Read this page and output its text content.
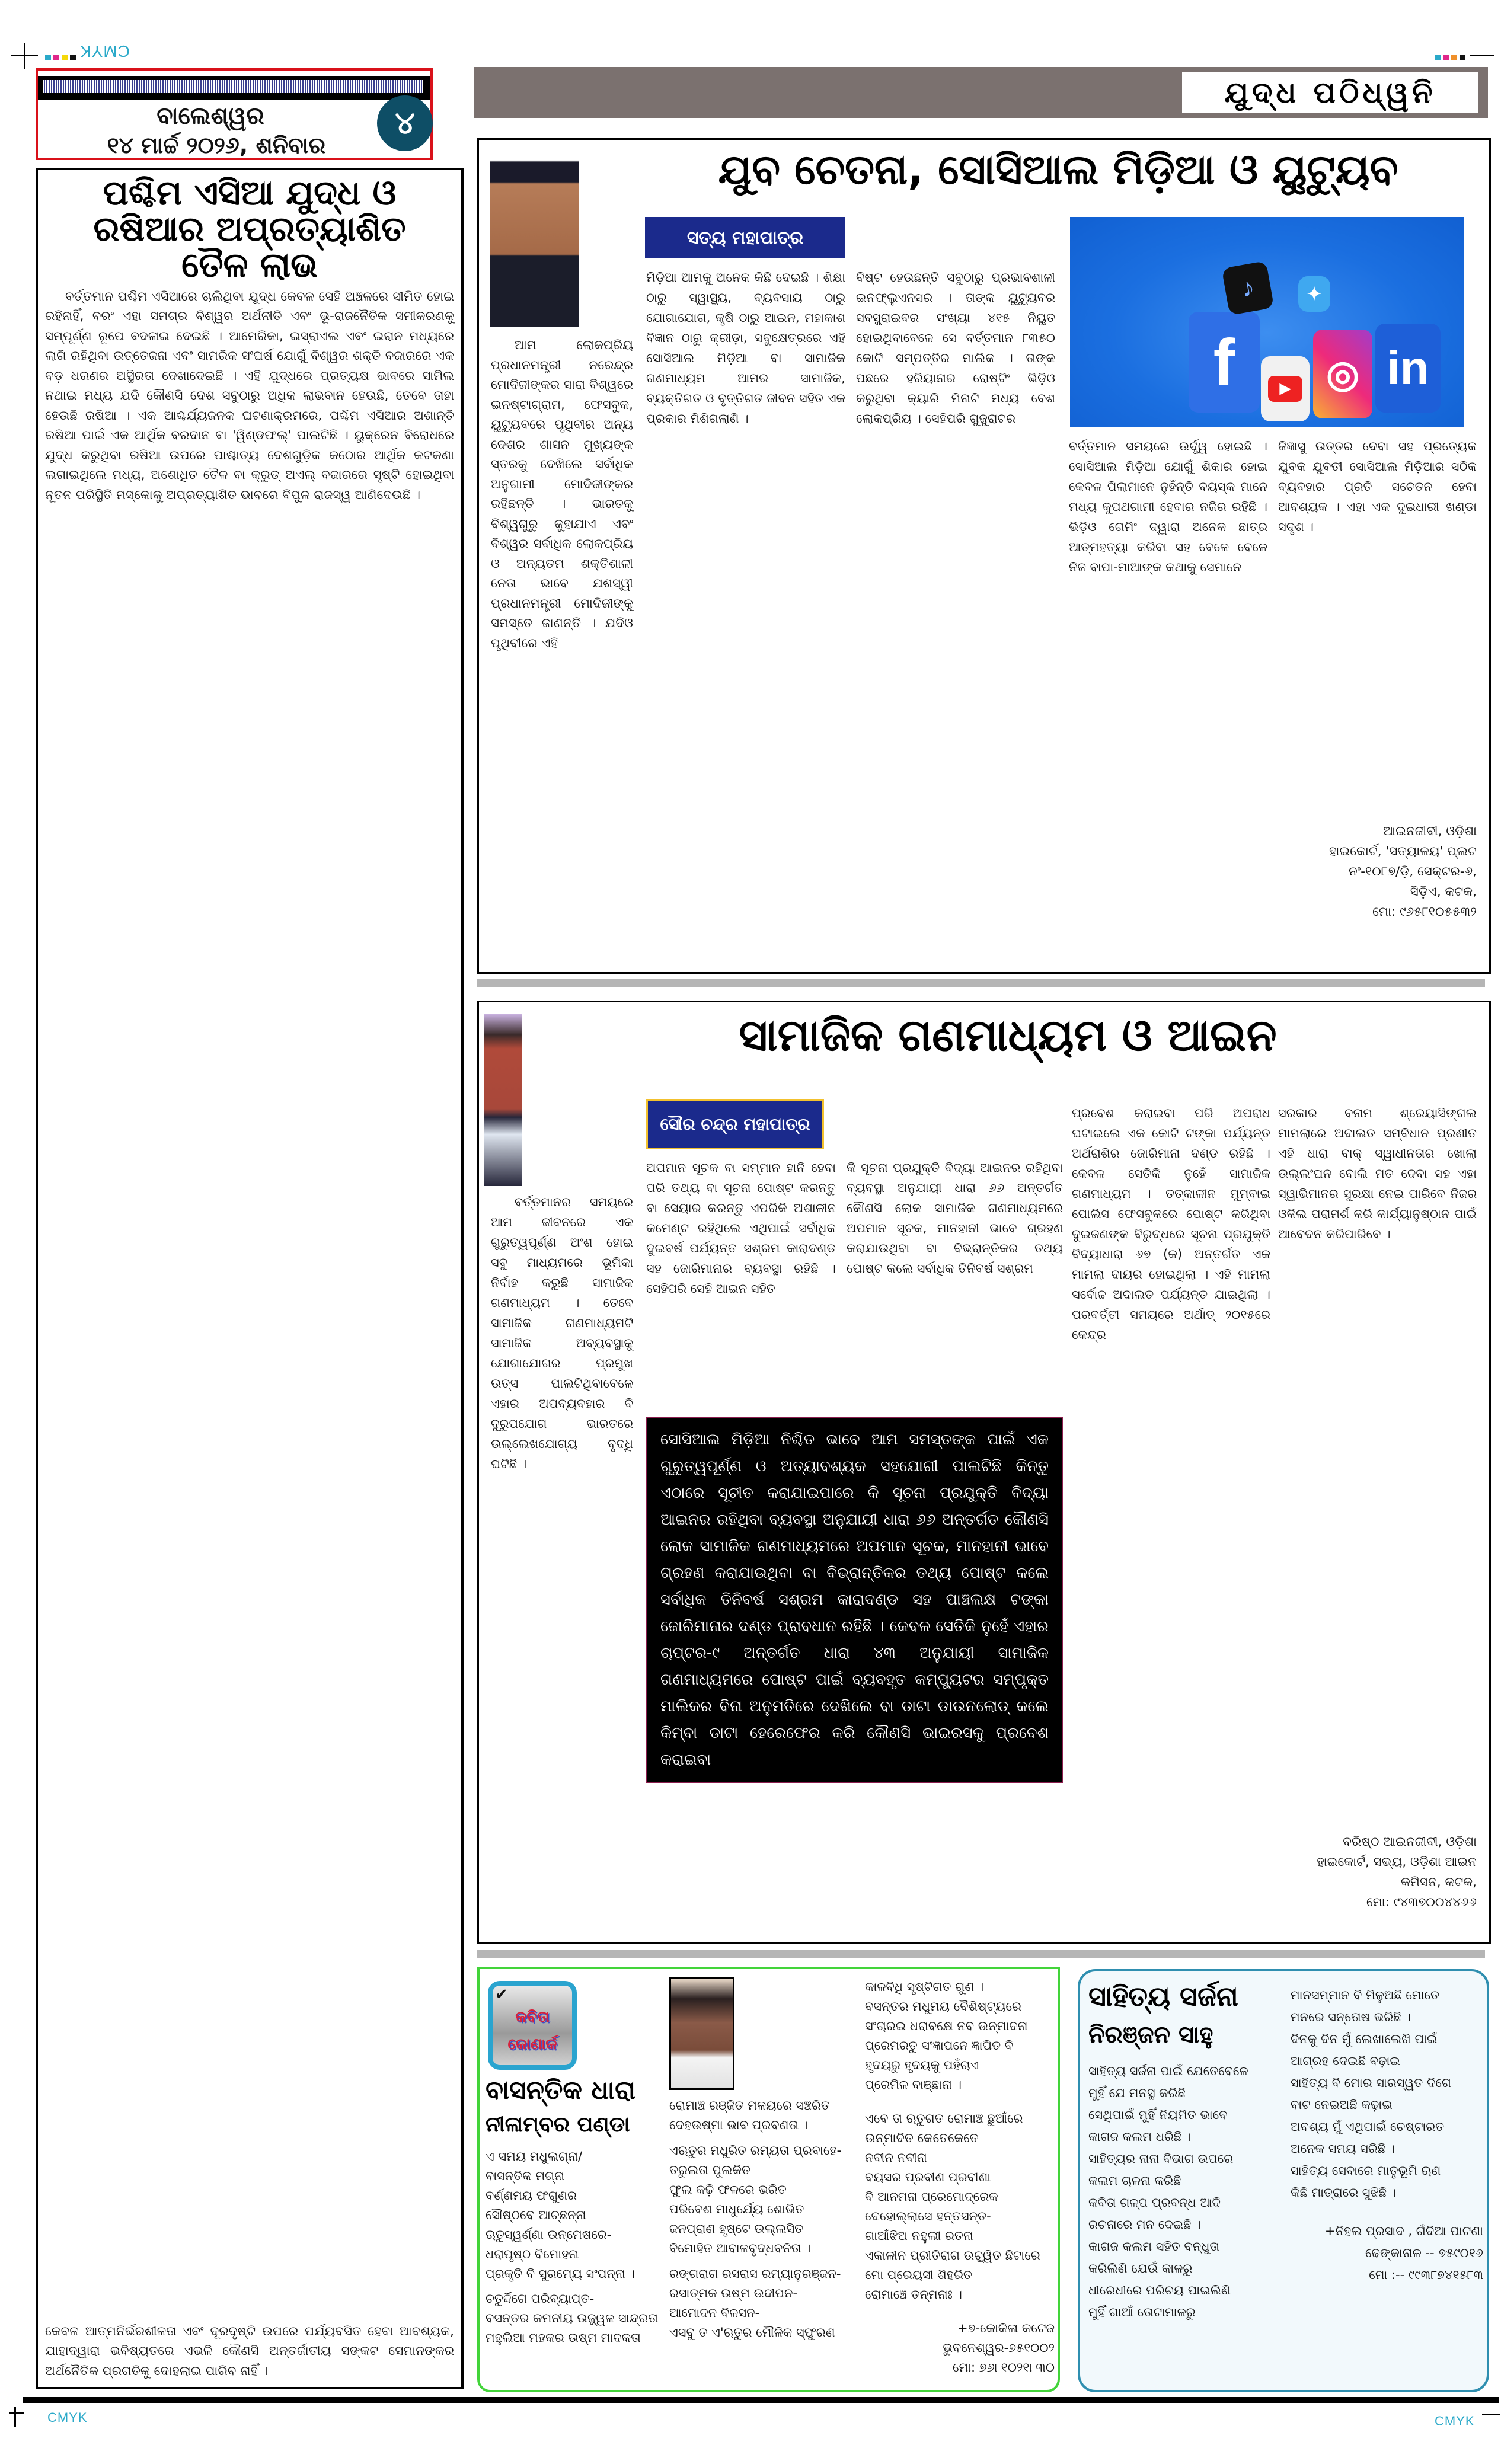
CMYK
CMYK	CMYK
ବାଲେଶ୍ୱର
୧୪ ମାର୍ଚ୍ଚ ୨୦୨୬, ଶନିବାର
୪
ଯୁଦ୍ଧ ପଠିଧ୍ୱନି
ପଶ୍ଚିମ ଏସିଆ ଯୁଦ୍ଧ ଓ ରଷିଆର ଅପ୍ରତ୍ୟାଶିତ ତୈଳ ଲାଭ
ବର୍ତ୍ତମାନ ପଶ୍ଚିମ ଏସିଆରେ ଚାଲିଥିବା ଯୁଦ୍ଧ କେବଳ ସେହି ଅଞ୍ଚଳରେ ସୀମିତ ହୋଇ ରହିନାହିଁ, ବରଂ ଏହା ସମଗ୍ର ବିଶ୍ୱର ଅର୍ଥନୀତି ଏବଂ ଭୂ-ରାଜନୈତିକ ସମୀକରଣକୁ ସମ୍ପୂର୍ଣ୍ଣ ରୂପେ ବଦଳାଇ ଦେଇଛି । ଆମେରିକା, ଇସ୍ରାଏଲ ଏବଂ ଇରାନ ମଧ୍ୟରେ ଲାଗି ରହିଥିବା ଉତ୍ତେଜନା ଏବଂ ସାମରିକ ସଂଘର୍ଷ ଯୋଗୁଁ ବିଶ୍ୱର ଶକ୍ତି ବଜାରରେ ଏକ ବଡ଼ ଧରଣର ଅସ୍ଥିରତା ଦେଖାଦେଇଛି । ଏହି ଯୁଦ୍ଧରେ ପ୍ରତ୍ୟକ୍ଷ ଭାବରେ ସାମିଲ ନଥାଇ ମଧ୍ୟ ଯଦି କୌଣସି ଦେଶ ସବୁଠାରୁ ଅଧିକ ଲାଭବାନ ହେଉଛି, ତେବେ ତାହା ହେଉଛି ରଷିଆ । ଏକ ଆଶ୍ଚର୍ଯ୍ୟଜନକ ଘଟଣାକ୍ରମରେ, ପଶ୍ଚିମ ଏସିଆର ଅଶାନ୍ତି ରଷିଆ ପାଇଁ ଏକ ଆର୍ଥିକ ବରଦାନ ବା 'ୱିଣ୍ଡଫଲ୍' ପାଲଟିଛି । ୟୁକ୍ରେନ ବିରୋଧରେ ଯୁଦ୍ଧ କରୁଥିବା ରଷିଆ ଉପରେ ପାଶ୍ଚାତ୍ୟ ଦେଶଗୁଡ଼ିକ କଠୋର ଆର୍ଥିକ କଟକଣା ଲଗାଇଥିଲେ ମଧ୍ୟ, ଅଶୋଧିତ ତୈଳ ବା କ୍ରୁଡ୍ ଅଏଲ୍ ବଜାରରେ ସୃଷ୍ଟି ହୋଇଥିବା ନୂତନ ପରିସ୍ଥିତି ମସ୍କୋକୁ ଅପ୍ରତ୍ୟାଶିତ ଭାବରେ ବିପୁଳ ରାଜସ୍ୱ ଆଣିଦେଉଛି ।
କେବଳ ଆତ୍ମନିର୍ଭରଶୀଳତା ଏବଂ ଦୂରଦୃଷ୍ଟି ଉପରେ ପର୍ଯ୍ୟବସିତ ହେବା ଆବଶ୍ୟକ, ଯାହାଦ୍ୱାରା ଭବିଷ୍ୟତରେ ଏଭଳି କୌଣସି ଅନ୍ତର୍ଜାତୀୟ ସଙ୍କଟ ସେମାନଙ୍କର ଅର୍ଥନୈତିକ ପ୍ରଗତିକୁ ଦୋହଲାଇ ପାରିବ ନାହିଁ ।
ଯୁବ ଚେତନା, ସୋସିଆଲ ମିଡ଼ିଆ ଓ ୟୁଟ୍ୟୁବ
ସତ୍ୟ ମହାପାତ୍ର
f
♪	✦
▶ ◎ in
ଆମ ଲୋକପ୍ରିୟ ପ୍ରଧାନମନ୍ତ୍ରୀ ନରେନ୍ଦ୍ର ମୋଦିଜୀଙ୍କର ସାରା ବିଶ୍ୱରେ ଇନଷ୍ଟାଗ୍ରାମ, ଫେସବୁକ, ୟୁଟ୍ୟୁବରେ ପୃଥିବୀର ଅନ୍ୟ ଦେଶର ଶାସନ ମୁଖ୍ୟଙ୍କ ସ୍ତରକୁ ଦେଖିଲେ ସର୍ବାଧିକ ଅନୁଗାମୀ ମୋଦିଜୀଙ୍କର ରହିଛନ୍ତି । ଭାରତକୁ ବିଶ୍ୱଗୁରୁ କୁହାଯାଏ ଏବଂ ବିଶ୍ୱର ସର୍ବାଧିକ ଲୋକପ୍ରିୟ ଓ ଅନ୍ୟତମ ଶକ୍ତିଶାଳୀ ନେତା ଭାବେ ଯଶସ୍ୱୀ ପ୍ରଧାନମନ୍ତ୍ରୀ ମୋଦିଜୀଙ୍କୁ ସମସ୍ତେ ଜାଣନ୍ତି । ଯଦିଓ ପୃଥିବୀରେ ଏହି
ମିଡ଼ିଆ ଆମକୁ ଅନେକ କିଛି ଦେଇଛି । ଶିକ୍ଷା ଠାରୁ ସ୍ୱାସ୍ଥ୍ୟ, ବ୍ୟବସାୟ ଠାରୁ ଯୋଗାଯୋଗ, କୃଷି ଠାରୁ ଆଇନ, ମହାକାଶ ବିଜ୍ଞାନ ଠାରୁ କ୍ରୀଡ଼ା, ସବୁକ୍ଷେତ୍ରରେ ଏହି ସୋସିଆଲ ମିଡ଼ିଆ ବା ସାମାଜିକ ଗଣମାଧ୍ୟମ ଆମର ସାମାଜିକ, ବ୍ୟକ୍ତିଗତ ଓ ବୃତ୍ତିଗତ ଜୀବନ ସହିତ ଏକ ପ୍ରକାର ମିଶିଗଲାଣି ।
ବିଷ୍ଟ ହେଉଛନ୍ତି ସବୁଠାରୁ ପ୍ରଭାବଶାଳୀ ଇନଫ୍ଲୁଏନସର । ତାଙ୍କ ୟୁଟ୍ୟୁବର ସବସ୍କ୍ରାଇବର ସଂଖ୍ୟା ୪୧୫ ନିୟୁତ ହୋଇଥିବାବେଳେ ସେ ବର୍ତ୍ତମାନ ୮୩୫୦ କୋଟି ସମ୍ପତ୍ତିର ମାଲିକ । ତାଙ୍କ ପଛରେ ହରିୟାନାର ରୋଷ୍ଟିଂ ଭିଡ଼ିଓ କରୁଥିବା କ୍ୟାରି ମିନାଟି ମଧ୍ୟ ବେଶ ଲୋକପ୍ରିୟ । ସେହିପରି ଗୁଜୁରାଟର
ବର୍ତ୍ତମାନ ସମୟରେ ଉର୍ଦ୍ଧ୍ୱ ହୋଇଛି । ସୋସିଆଲ ମିଡ଼ିଆ ଯୋଗୁଁ ଶିକାର ହୋଇ କେବଳ ପିଲାମାନେ ନୁହଁନ୍ତି ବୟସ୍କ ମାନେ ମଧ୍ୟ କୁପଥଗାମୀ ହେବାର ନଜିର ରହିଛି । ଭିଡ଼ିଓ ଗେମିଂ ଦ୍ୱାରା ଅନେକ ଛାତ୍ର ଆତ୍ମହତ୍ୟା କରିବା ସହ ବେଳେ ବେଳେ ନିଜ ବାପା-ମାଆଙ୍କ କଥାକୁ ସେମାନେ
ଜିଜ୍ଞାସୁ ଉତ୍ତର ଦେବା ସହ ପ୍ରତ୍ୟେକ ଯୁବକ ଯୁବତୀ ସୋସିଆଲ ମିଡ଼ିଆର ସଠିକ ବ୍ୟବହାର ପ୍ରତି ସଚେତନ ହେବା ଆବଶ୍ୟକ । ଏହା ଏକ ଦୁଇଧାରୀ ଖଣ୍ଡା ସଦୃଶ ।
ଆଇନଜୀବୀ, ଓଡ଼ିଶା
ହାଇକୋର୍ଟ, 'ସତ୍ୟାଳୟ' ପ୍ଲଟ
ନଂ-୧୦୮୭/ଡ଼ି, ସେକ୍ଟର-୬,
ସିଡ଼ିଏ, କଟକ,
ମୋ: ୯୬୫୮୧୦୫୫୩୨
ସାମାଜିକ ଗଣମାଧ୍ୟମ ଓ ଆଇନ
ସୌର ଚନ୍ଦ୍ର ମହାପାତ୍ର
ବର୍ତ୍ତମାନର ସମୟରେ ଆମ ଜୀବନରେ ଏକ ଗୁରୁତ୍ୱପୂର୍ଣ୍ଣ ଅଂଶ ହୋଇ ସବୁ ମାଧ୍ୟମରେ ଭୂମିକା ନିର୍ବାହ କରୁଛି ସାମାଜିକ ଗଣମାଧ୍ୟମ । ତେବେ ସାମାଜିକ ଗଣମାଧ୍ୟମଟି ସାମାଜିକ ଅବ୍ୟବସ୍ଥାକୁ ଯୋଗାଯୋଗର ପ୍ରମୁଖ ଉତ୍ସ ପାଲଟିଥିବାବେଳେ ଏହାର ଅପବ୍ୟବହାର ବି ଦୁରୁପଯୋଗ ଭାରତରେ ଉଲ୍ଲେଖଯୋଗ୍ୟ ବୃଦ୍ଧି ଘଟିଛି ।
ଅପମାନ ସୂଚକ ବା ସମ୍ମାନ ହାନି ହେବା ପରି ତଥ୍ୟ ବା ସୂଚନା ପୋଷ୍ଟ କରନ୍ତୁ ବା ସେୟାର କରନ୍ତୁ ଏପରିକି ଅଶାଳୀନ କମେଣ୍ଟ ରହିଥିଲେ ଏଥିପାଇଁ ସର୍ବାଧିକ ଦୁଇବର୍ଷ ପର୍ଯ୍ୟନ୍ତ ସଶ୍ରମ କାରାଦଣ୍ଡ ସହ ଜୋରିମାନାର ବ୍ୟବସ୍ଥା ରହିଛି । ସେହିପରି ସେହି ଆଇନ ସହିତ
କି ସୂଚନା ପ୍ରଯୁକ୍ତି ବିଦ୍ୟା ଆଇନର ରହିଥିବା ବ୍ୟବସ୍ଥା ଅନୁଯାୟୀ ଧାରା ୬୬ ଅନ୍ତର୍ଗତ କୌଣସି ଲୋକ ସାମାଜିକ ଗଣମାଧ୍ୟମରେ ଅପମାନ ସୂଚକ, ମାନହାନୀ ଭାବେ ଗ୍ରହଣ କରାଯାଉଥିବା ବା ବିଭ୍ରାନ୍ତିକର ତଥ୍ୟ ପୋଷ୍ଟ କଲେ ସର୍ବାଧିକ ତିନିବର୍ଷ ସଶ୍ରମ
ପ୍ରବେଶ କରାଇବା ପରି ଅପରାଧ ଘଟାଇଲେ ଏକ କୋଟି ଟଙ୍କା ପର୍ଯ୍ୟନ୍ତ ଅର୍ଥରାଶିର ଜୋରିମାନା ଦଣ୍ଡ ରହିଛି । କେବଳ ସେତିକି ନୁହେଁ ସାମାଜିକ ଗଣମାଧ୍ୟମ । ତତ୍କାଳୀନ ମୁମ୍ବାଇ ପୋଲିସ ଫେସବୁକରେ ପୋଷ୍ଟ କରିଥିବା ଦୁଇଜଣଙ୍କ ବିରୁଦ୍ଧରେ ସୂଚନା ପ୍ରଯୁକ୍ତି ବିଦ୍ୟାଧାରା ୬୭ (କ) ଅନ୍ତର୍ଗତ ଏକ ମାମଲା ଦାୟର ହୋଇଥିଲା । ଏହି ମାମଲା ସର୍ବୋଚ୍ଚ ଅଦାଲତ ପର୍ଯ୍ୟନ୍ତ ଯାଇଥିଲା । ପରବର୍ତ୍ତୀ ସମୟରେ ଅର୍ଥାତ୍ ୨୦୧୫ରେ କେନ୍ଦ୍ର
ସରକାର ବନାମ ଶ୍ରେୟାସିଙ୍ଗଲ ମାମଲାରେ ଅଦାଲତ ସମ୍ବିଧାନ ପ୍ରଣୀତ ଏହି ଧାରା ବାକ୍ ସ୍ୱାଧୀନତାର ଖୋଲା ଉଲ୍ଲଂଘନ ବୋଲି ମତ ଦେବା ସହ ଏହା ସ୍ୱାଭିମାନର ସୁରକ୍ଷା ନେଇ ପାରିବେ ନିଜର ଓକିଲ ପରାମର୍ଶ କରି କାର୍ଯ୍ୟାନୁଷ୍ଠାନ ପାଇଁ ଆବେଦନ କରିପାରିବେ ।
ସୋସିଆଲ ମିଡ଼ିଆ ନିଶ୍ଚିତ ଭାବେ ଆମ ସମସ୍ତଙ୍କ ପାଇଁ ଏକ ଗୁରୁତ୍ୱପୂର୍ଣ୍ଣ ଓ ଅତ୍ୟାବଶ୍ୟକ ସହଯୋଗୀ ପାଲଟିଛି କିନ୍ତୁ ଏଠାରେ ସୂଚୀତ କରାଯାଇପାରେ କି ସୂଚନା ପ୍ରଯୁକ୍ତି ବିଦ୍ୟା ଆଇନର ରହିଥିବା ବ୍ୟବସ୍ଥା ଅନୁଯାୟୀ ଧାରା ୬୬ ଅନ୍ତର୍ଗତ କୌଣସି ଲୋକ ସାମାଜିକ ଗଣମାଧ୍ୟମରେ ଅପମାନ ସୂଚକ, ମାନହାନୀ ଭାବେ ଗ୍ରହଣ କରାଯାଉଥିବା ବା ବିଭ୍ରାନ୍ତିକର ତଥ୍ୟ ପୋଷ୍ଟ କଲେ ସର୍ବାଧିକ ତିନିବର୍ଷ ସଶ୍ରମ କାରାଦଣ୍ଡ ସହ ପାଞ୍ଚଲକ୍ଷ ଟଙ୍କା ଜୋରିମାନାର ଦଣ୍ଡ ପ୍ରାବଧାନ ରହିଛି । କେବଳ ସେତିକି ନୁହେଁ ଏହାର ଚାପ୍ଟର-୯ ଅନ୍ତର୍ଗତ ଧାରା ୪୩ ଅନୁଯାୟୀ ସାମାଜିକ ଗଣମାଧ୍ୟମରେ ପୋଷ୍ଟ ପାଇଁ ବ୍ୟବହୃତ କମ୍ପ୍ୟୁଟର ସମ୍ପୃକ୍ତ ମାଲିକର ବିନା ଅନୁମତିରେ ଦେଖିଲେ ବା ଡାଟା ଡାଉନଲୋଡ୍ କଲେ କିମ୍ବା ଡାଟା ହେରେଫେର କରି କୌଣସି ଭାଇରସକୁ ପ୍ରବେଶ କରାଇବା
ବରିଷ୍ଠ ଆଇନଜୀବୀ, ଓଡ଼ିଶା
ହାଇକୋର୍ଟ, ସଭ୍ୟ, ଓଡ଼ିଶା ଆଇନ
କମିସନ, କଟକ,
ମୋ: ୯୪୩୭୦୦୪୪୬୬
✔
କବିତା
କୋଣାର୍କ
ବାସନ୍ତିକ ଧାରା
ନୀଳାମ୍ବର ପଣ୍ଡା
ଏ ସମୟ ମଧୁଲଗ୍ନା/
ବାସନ୍ତିକ ମଗ୍ନା
ବର୍ଣ୍ଣମୟ ଫଗୁଣର
ସୌଷ୍ଠବେ ଆଚ୍ଛନ୍ନା
ଋତୁସ୍ୱର୍ଣ୍ଣା ଉନ୍ମେଷରେ-
ଧରାପୃଷ୍ଠ ବିମୋହନା
ପ୍ରକୃତି ବି ସୁରମ୍ୟେ ସଂପନ୍ନା ।
ଚତୁର୍ଦ୍ଦିଗେ ପରିବ୍ୟାପ୍ତ-
ବସନ୍ତର କମନୀୟ ଉଜ୍ଜ୍ୱଳ ସାନ୍ଦ୍ରତା
ମହୁଲିଆ ମହକର ଉଷ୍ମ ମାଦକତା
ରୋମାଞ୍ଚ ରଞ୍ଜିତ ମଳୟରେ ସଞ୍ଚରିତ
ଦେହଉଷ୍ମା ଭାବ ପ୍ରବଣତା ।
ଏଋତୁର ମଧୁରିତ ରମ୍ୟତା ପ୍ରବାହେ-
ତରୁଲତା ପୁଲକିତ
ଫୁଲ କଢ଼ି ଫଳରେ ଭରିତ
ପରିବେଶ ମାଧୁର୍ଯ୍ୟେ ଶୋଭିତ
ଜନପ୍ରାଣ ହୃଷ୍ଟେ ଉଲ୍ଲସିତ
ବିମୋହିତ ଆବାଳବୃଦ୍ଧବନିତା ।
ରଙ୍ଗରାଗ ରସରାସ ରମ୍ୟାନୁରଞ୍ଜନ-
ରସାତ୍ମକ ଉଷ୍ମ ଉଦ୍ଦୀପନ-
ଆମୋଦନ ବିଳସନ-
ଏସବୁ ତ ଏ'ଋତୁର ମୌଳିକ ସ୍ଫୁରଣ
କାଳବିଧି ସୃଷ୍ଟିଗତ ଗୁଣ ।
ବସନ୍ତର ମଧୁମୟ ବୈଶିଷ୍ଟ୍ୟରେ
ସଂଚାରଇ ଧରାବକ୍ଷେ ନବ ଉନ୍ମାଦନା
ପ୍ରେମରତୁ ସଂଜ୍ଞାପନେ ଜ୍ଞାପିତ ବି
ହୃଦୟରୁ ହୃଦୟକୁ ପହଁଚାଏ
ପ୍ରେମିଳ ବାଞ୍ଛାନା ।
ଏବେ ତା ଋତୁଗତ ରୋମାଞ୍ଚ ଛୁଆଁରେ
ଉନ୍ମାଦିତ କେତେକେତେ
ନବୀନ ନବୀନା
ବୟସର ପ୍ରବୀଣ ପ୍ରବୀଣା
ବି ଆନମନା ପ୍ରେମୋଦ୍ରେକ
ଦେହୋଲ୍ଲାସେ ହନ୍ତସନ୍ତ-
ଗାଆଁଝିଅ ନହୁଲୀ ରତନା
ଏକାଳୀନ ପ୍ରୀତିରାଗ ଉଚ୍ଛ୍ୱିତ ଛିଟାରେ
ମୋ ପ୍ରେୟସୀ ଶିହରିତ
ରୋମାଞ୍ଚେ ତନ୍ମନାଃ ।
+୭-କୋକିଳା କଟେଜ
ଭୁବନେଶ୍ୱର-୭୫୧୦୦୨
ମୋ: ୭୬୮୧୦୨୧୮୩୦
ସାହିତ୍ୟ ସର୍ଜନା
ନିରଞ୍ଜନ ସାହୁ
ସାହିତ୍ୟ ସର୍ଜନା ପାଇଁ ଯେତେବେଳେ
ମୁହିଁ ଯେ ମନସ୍ଥ କରିଛି
ସେଥିପାଇଁ ମୁହିଁ ନିୟମିତ ଭାବେ
କାଗଜ କଲମ ଧରିଛି ।
ସାହିତ୍ୟର ନାନା ବିଭାଗ ଉପରେ
କଲମ ଚାଳନା କରିଛି
କବିତା ଗଳ୍ପ ପ୍ରବନ୍ଧ ଆଦି
ରଚନାରେ ମନ ଦେଇଛି ।
କାଗଜ କଲମ ସହିତ ବନ୍ଧୁତା
କରିଲିଣି ଯେଉଁ କାଳରୁ
ଧୀରେଧୀରେ ପରିଚୟ ପାଇଲିଣି
ମୁହିଁ ଗାଆଁ ତୋଟାମାଳରୁ
ମାନସମ୍ମାନ ବି ମିଳୁଅଛି ମୋତେ
ମନରେ ସନ୍ତୋଷ ଭରିଛି ।
ଦିନକୁ ଦିନ ମୁଁ ଲେଖାଲେଖି ପାଇଁ
ଆଗ୍ରହ ଦେଇଛି ବଢ଼ାଇ
ସାହିତ୍ୟ ବି ମୋର ସାରସ୍ୱତ ଦିଗେ
ବାଟ ନେଇଅଛି କଢ଼ାଇ
ଅବଶ୍ୟ ମୁଁ ଏଥିପାଇଁ ଚେଷ୍ଟାରତ
ଅନେକ ସମୟ ସରିଛି ।
ସାହିତ୍ୟ ସେବାରେ ମାତୃଭୂମି ଋଣ
କିଛି ମାତ୍ରାରେ ସୁଝିଛି ।
+ନିହଲ ପ୍ରସାଦ , ଗଁଦିଆ ପାଟଣା
ଢେଙ୍କାନାଳ -- ୭୫୯୦୧୬
ମୋ :-- ୯୯୩୮୭୪୧୫୮୩
